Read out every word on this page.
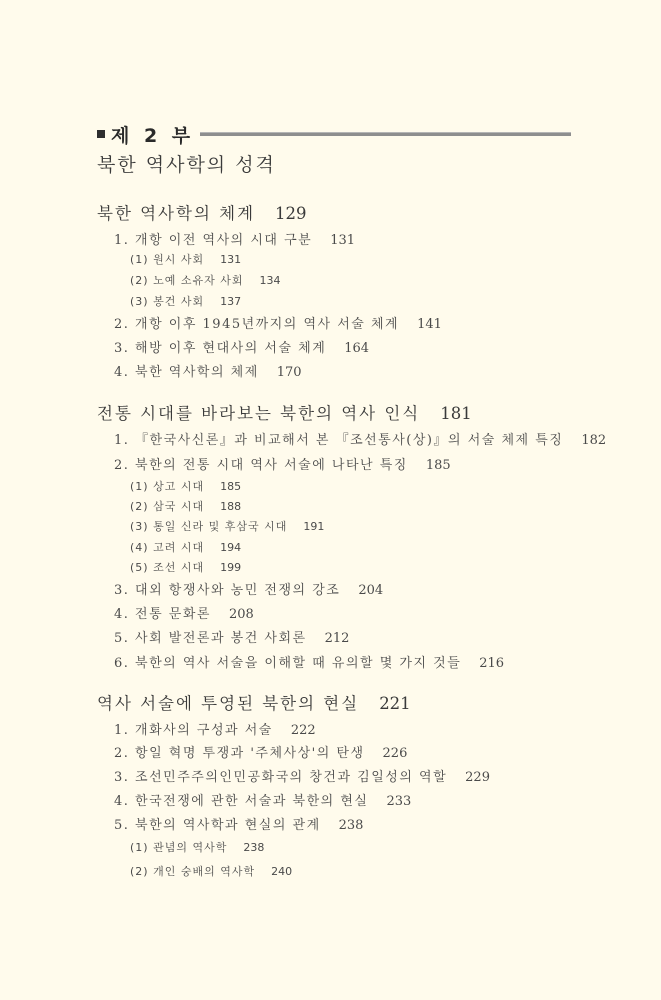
제 2 부
북한 역사학의 성격
북한 역사학의 체계 129
1. 개항 이전 역사의 시대 구분 131
(1) 원시 사회 131
(2) 노예 소유자 사회 134
(3) 봉건 사회 137
2. 개항 이후 1945년까지의 역사 서술 체계 141
3. 해방 이후 현대사의 서술 체계 164
4. 북한 역사학의 체제 170
전통 시대를 바라보는 북한의 역사 인식 181
1. 『한국사신론』과 비교해서 본 『조선통사(상)』의 서술 체제 특징 182
2. 북한의 전통 시대 역사 서술에 나타난 특징 185
(1) 상고 시대 185
(2) 삼국 시대 188
(3) 통일 신라 및 후삼국 시대 191
(4) 고려 시대 194
(5) 조선 시대 199
3. 대외 항쟁사와 농민 전쟁의 강조 204
4. 전통 문화론 208
5. 사회 발전론과 봉건 사회론 212
6. 북한의 역사 서술을 이해할 때 유의할 몇 가지 것들 216
역사 서술에 투영된 북한의 현실 221
1. 개화사의 구성과 서술 222
2. 항일 혁명 투쟁과 '주체사상'의 탄생 226
3. 조선민주주의인민공화국의 창건과 김일성의 역할 229
4. 한국전쟁에 관한 서술과 북한의 현실 233
5. 북한의 역사학과 현실의 관계 238
(1) 관념의 역사학 238
(2) 개인 숭배의 역사학 240
